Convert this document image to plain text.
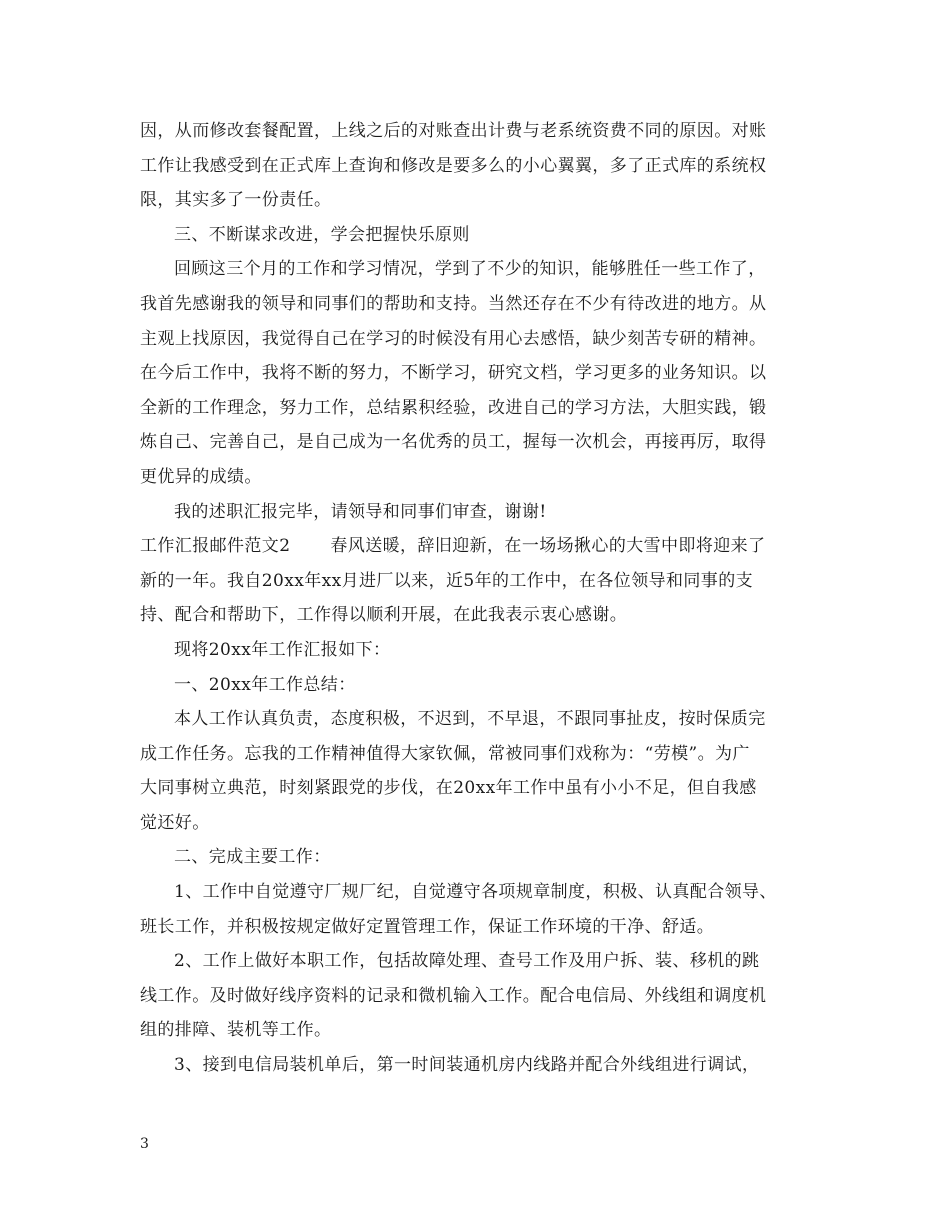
因，从而修改套餐配置，上线之后的对账查出计费与老系统资费不同的原因。对账
工作让我感受到在正式库上查询和修改是要多么的小心翼翼，多了正式库的系统权
限，其实多了一份责任。
三、不断谋求改进，学会把握快乐原则
回顾这三个月的工作和学习情况，学到了不少的知识，能够胜任一些工作了，
我首先感谢我的领导和同事们的帮助和支持。当然还存在不少有待改进的地方。从
主观上找原因，我觉得自己在学习的时候没有用心去感悟，缺少刻苦专研的精神。
在今后工作中，我将不断的努力，不断学习，研究文档，学习更多的业务知识。以
全新的工作理念，努力工作，总结累积经验，改进自己的学习方法，大胆实践，锻
炼自己、完善自己，是自己成为一名优秀的员工，握每一次机会，再接再厉，取得
更优异的成绩。
我的述职汇报完毕，请领导和同事们审查，谢谢!
工作汇报邮件范文2 春风送暖，辞旧迎新，在一场场揪心的大雪中即将迎来了
新的一年。我自20xx年xx月进厂以来，近5年的工作中，在各位领导和同事的支
持、配合和帮助下，工作得以顺利开展，在此我表示衷心感谢。
现将20xx年工作汇报如下：
一、20xx年工作总结：
本人工作认真负责，态度积极，不迟到，不早退，不跟同事扯皮，按时保质完
成工作任务。忘我的工作精神值得大家钦佩，常被同事们戏称为：“劳模”。为广
大同事树立典范，时刻紧跟党的步伐，在20xx年工作中虽有小小不足，但自我感
觉还好。
二、完成主要工作：
1、工作中自觉遵守厂规厂纪，自觉遵守各项规章制度，积极、认真配合领导、
班长工作，并积极按规定做好定置管理工作，保证工作环境的干净、舒适。
2、工作上做好本职工作，包括故障处理、查号工作及用户拆、装、移机的跳
线工作。及时做好线序资料的记录和微机输入工作。配合电信局、外线组和调度机
组的排障、装机等工作。
3、接到电信局装机单后，第一时间装通机房内线路并配合外线组进行调试，
3
